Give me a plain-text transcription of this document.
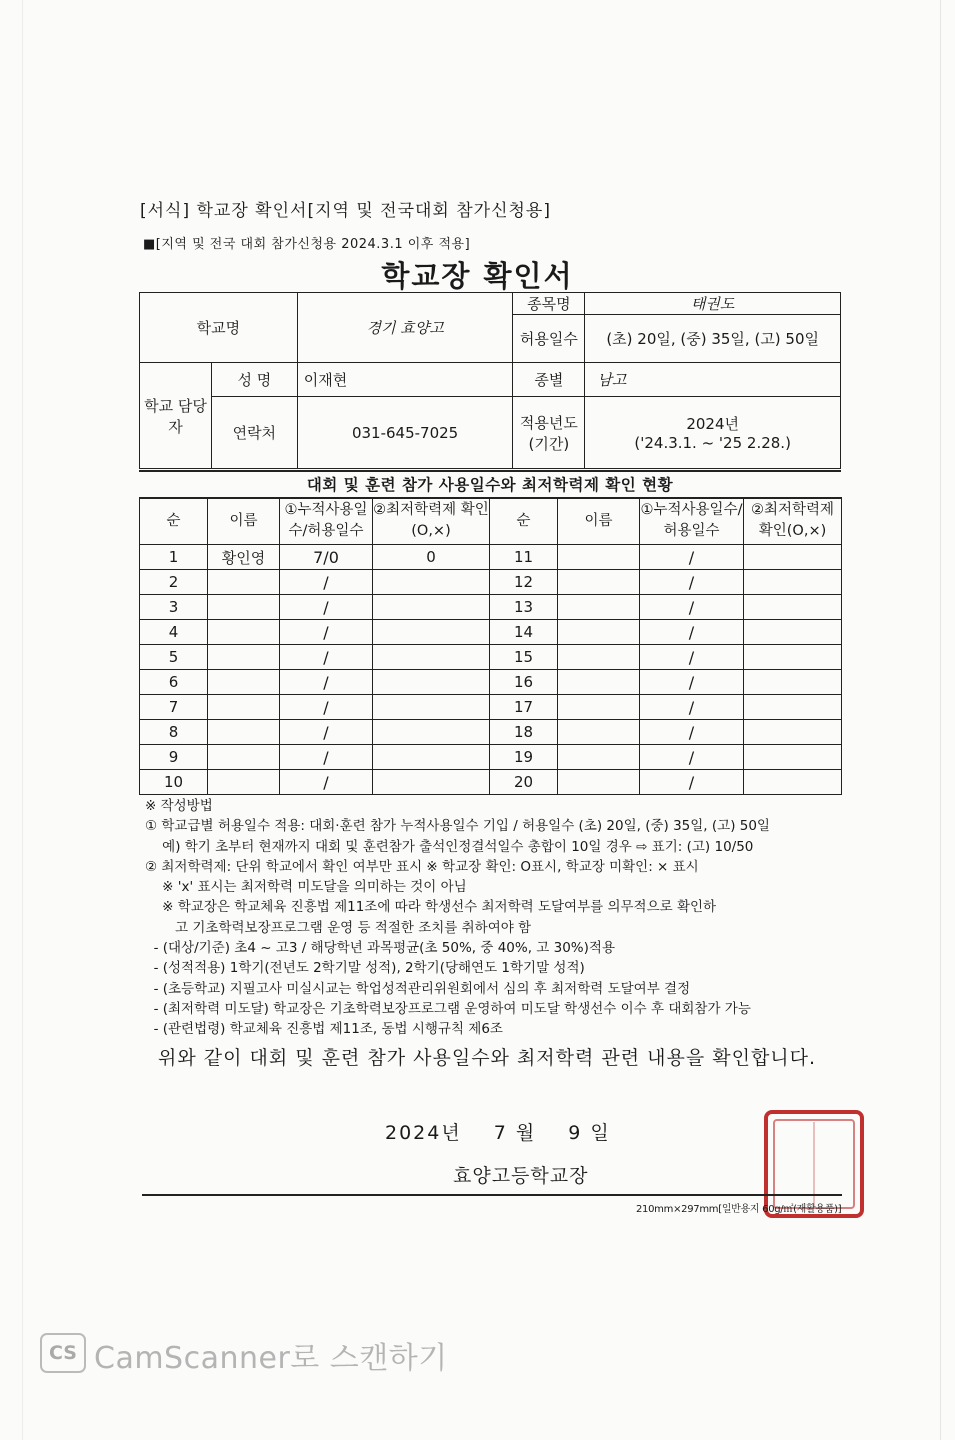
[서식] 학교장 확인서[지역 및 전국대회 참가신청용]
■[지역 및 전국 대회 참가신청용 2024.3.1 이후 적용]
학교장 확인서
학교명		경기 효양고	종목명	태권도
			허용일수	(초) 20일, (중) 35일, (고) 50일
학교 담당자	성 명	이재현	종별	남고
	연락처	031-645-7025	적용년도 (기간)	2024년
('24.3.1. ~ '25 2.28.)
대회 및 훈련 참가 사용일수와 최저학력제 확인 현황
순	이름	①누적사용일수/허용일수	②최저학력제 확인(O,×)	순	이름	①누적사용일수/허용일수	②최저학력제 확인(O,×)
1	황인영	7/0	0	11		/	
2		/		12		/	
3		/		13		/	
4		/		14		/	
5		/		15		/	
6		/		16		/	
7		/		17		/	
8		/		18		/	
9		/		19		/	
10		/		20		/	
※ 작성방법
① 학교급별 허용일수 적용: 대회·훈련 참가 누적사용일수 기입 / 허용일수 (초) 20일, (중) 35일, (고) 50일
예) 학기 초부터 현재까지 대회 및 훈련참가 출석인정결석일수 총합이 10일 경우 ⇨ 표기: (고) 10/50
② 최저학력제: 단위 학교에서 확인 여부만 표시 ※ 학교장 확인: O표시, 학교장 미확인: × 표시
※ 'x' 표시는 최저학력 미도달을 의미하는 것이 아님
※ 학교장은 학교체육 진흥법 제11조에 따라 학생선수 최저학력 도달여부를 의무적으로 확인하
고 기초학력보장프로그램 운영 등 적절한 조치를 취하여야 함
- (대상/기준) 초4 ~ 고3 / 해당학년 과목평균(초 50%, 중 40%, 고 30%)적용
- (성적적용) 1학기(전년도 2학기말 성적), 2학기(당해연도 1학기말 성적)
- (초등학교) 지필고사 미실시교는 학업성적관리위원회에서 심의 후 최저학력 도달여부 결정
- (최저학력 미도달) 학교장은 기초학력보장프로그램 운영하여 미도달 학생선수 이수 후 대회참가 가능
- (관련법령) 학교체육 진흥법 제11조, 동법 시행규칙 제6조
위와 같이 대회 및 훈련 참가 사용일수와 최저학력 관련 내용을 확인합니다.
2024년 7 월 9 일
효양고등학교장
210mm×297mm[일반용지 60g/㎡(재활용품)]
CS CamScanner로 스캔하기
